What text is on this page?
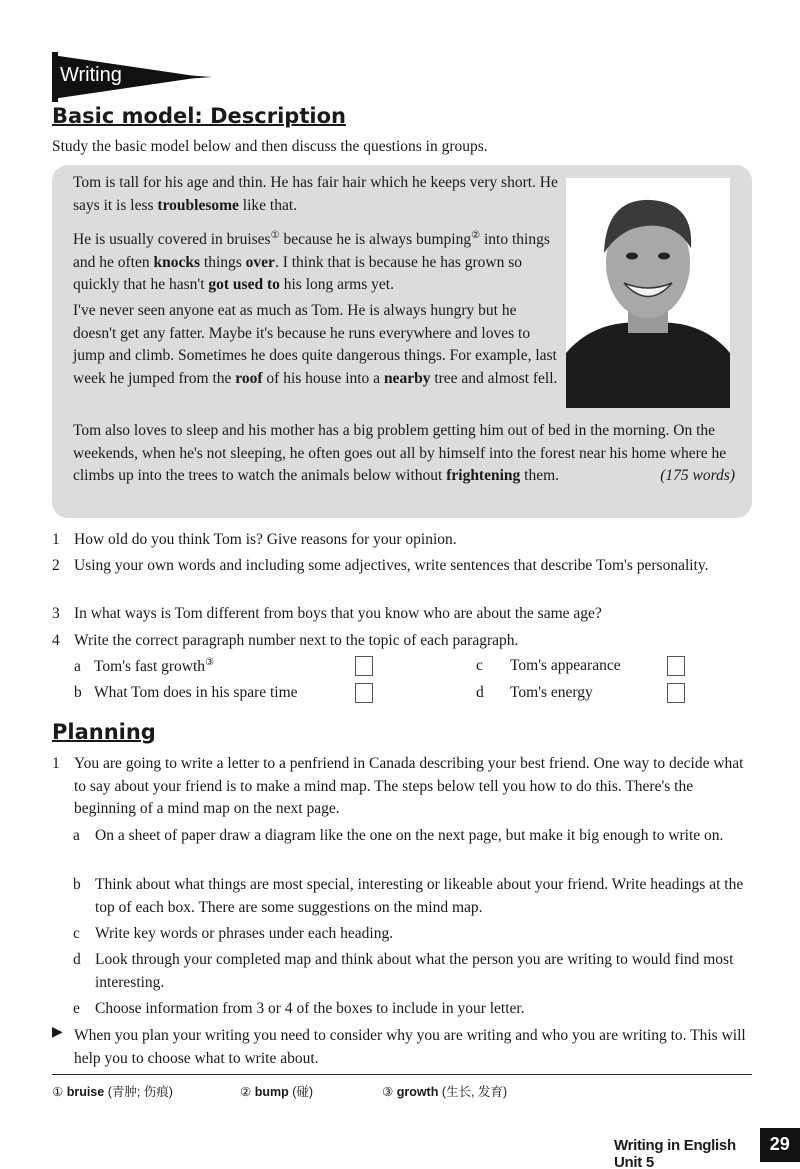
Writing
Basic model: Description
Study the basic model below and then discuss the questions in groups.
Tom is tall for his age and thin. He has fair hair which he keeps very short. He says it is less troublesome like that.
He is usually covered in bruises① because he is always bumping② into things and he often knocks things over. I think that is because he has grown so quickly that he hasn't got used to his long arms yet.
I've never seen anyone eat as much as Tom. He is always hungry but he doesn't get any fatter. Maybe it's because he runs everywhere and loves to jump and climb. Sometimes he does quite dangerous things. For example, last week he jumped from the roof of his house into a nearby tree and almost fell.
Tom also loves to sleep and his mother has a big problem getting him out of bed in the morning. On the weekends, when he's not sleeping, he often goes out all by himself into the forest near his home where he climbs up into the trees to watch the animals below without frightening them.	(175 words)
1 How old do you think Tom is? Give reasons for your opinion.
2 Using your own words and including some adjectives, write sentences that describe Tom's personality.
3 In what ways is Tom different from boys that you know who are about the same age?
4 Write the correct paragraph number next to the topic of each paragraph.
a Tom's fast growth③
b What Tom does in his spare time
c Tom's appearance
d Tom's energy
Planning
1 You are going to write a letter to a penfriend in Canada describing your best friend. One way to decide what to say about your friend is to make a mind map. The steps below tell you how to do this. There's the beginning of a mind map on the next page.
a On a sheet of paper draw a diagram like the one on the next page, but make it big enough to write on.
b Think about what things are most special, interesting or likeable about your friend. Write headings at the top of each box. There are some suggestions on the mind map.
c Write key words or phrases under each heading.
d Look through your completed map and think about what the person you are writing to would find most interesting.
e Choose information from 3 or 4 of the boxes to include in your letter.
▶ When you plan your writing you need to consider why you are writing and who you are writing to. This will help you to choose what to write about.
① bruise (青肿; 伤痕)	② bump (碰)	③ growth (生长, 发育)
Writing in English Unit 5
29
